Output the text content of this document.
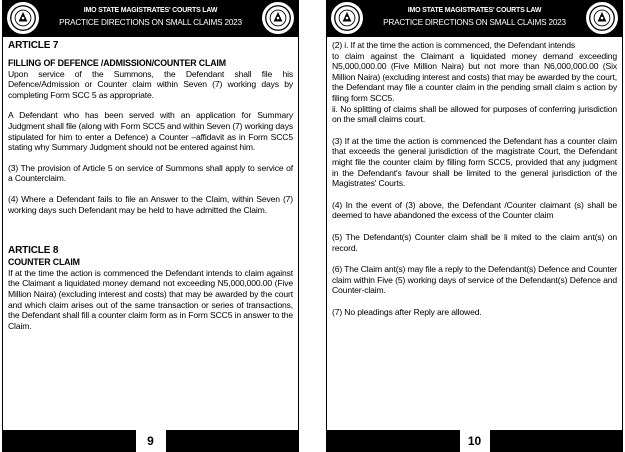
IMO STATE MAGISTRATES' COURTS LAW
PRACTICE DIRECTIONS ON SMALL CLAIMS 2023
ARTICLE 7
FILLING OF DEFENCE /ADMISSION/COUNTER CLAIM
Upon service of the Summons, the Defendant shall file his Defence/Admission or Counter claim within Seven (7) working days by completing Form SCC 5 as appropriate.
A Defendant who has been served with an application for Summary Judgment shall file (along with Form SCC5 and within Seven (7) working days stipulated for him to enter a Defence) a Counter –affidavit as in Form SCC5 stating why Summary Judgment should not be entered against him.
(3) The provision of Article 5 on service of Summons shall apply to service of a Counterclaim.
(4) Where a Defendant fails to file an Answer to the Claim, within Seven (7) working days such Defendant may be held to have admitted the Claim.
ARTICLE 8
COUNTER CLAIM
If at the time the action is commenced the Defendant intends to claim against the Claimant a liquidated money demand not exceeding N5,000,000.00 (Five Million Naira) (excluding interest and costs) that may be awarded by the court and which claim arises out of the same transaction or series of transactions, the Defendant shall fill a counter claim form as in Form SCC5 in answer to the Claim.
9
IMO STATE MAGISTRATES' COURTS LAW
PRACTICE DIRECTIONS ON SMALL CLAIMS 2023
(2) i. If at the time the action is commenced, the Defendant intends
to claim against the Claimant a liquidated money demand exceeding N5,000,000.00 (Five Million Naira) but not more than N6,000,000.00 (Six Million Naira) (excluding interest and costs) that may be awarded by the court, the Defendant may file a counter claim in the pending small claim s action by filing form SCC5.
ii. No splitting of claims shall be allowed for purposes of conferring jurisdiction on the small claims court.
(3) If at the time the action is commenced the Defendant has a counter claim that exceeds the general jurisdiction of the magistrate Court, the Defendant might file the counter claim by filling form SCC5, provided that any judgment in the Defendant's favour shall be limited to the general jurisdiction of the Magistrates' Courts.
(4) In the event of (3) above, the Defendant /Counter claimant (s) shall be deemed to have abandoned the excess of the Counter claim
(5) The Defendant(s) Counter claim shall be li mited to the claim ant(s) on record.
(6) The Claim ant(s) may file a reply to the Defendant(s) Defence and Counter claim within Five (5) working days of service of the Defendant(s) Defence and Counter-claim.
(7) No pleadings after Reply are allowed.
10
